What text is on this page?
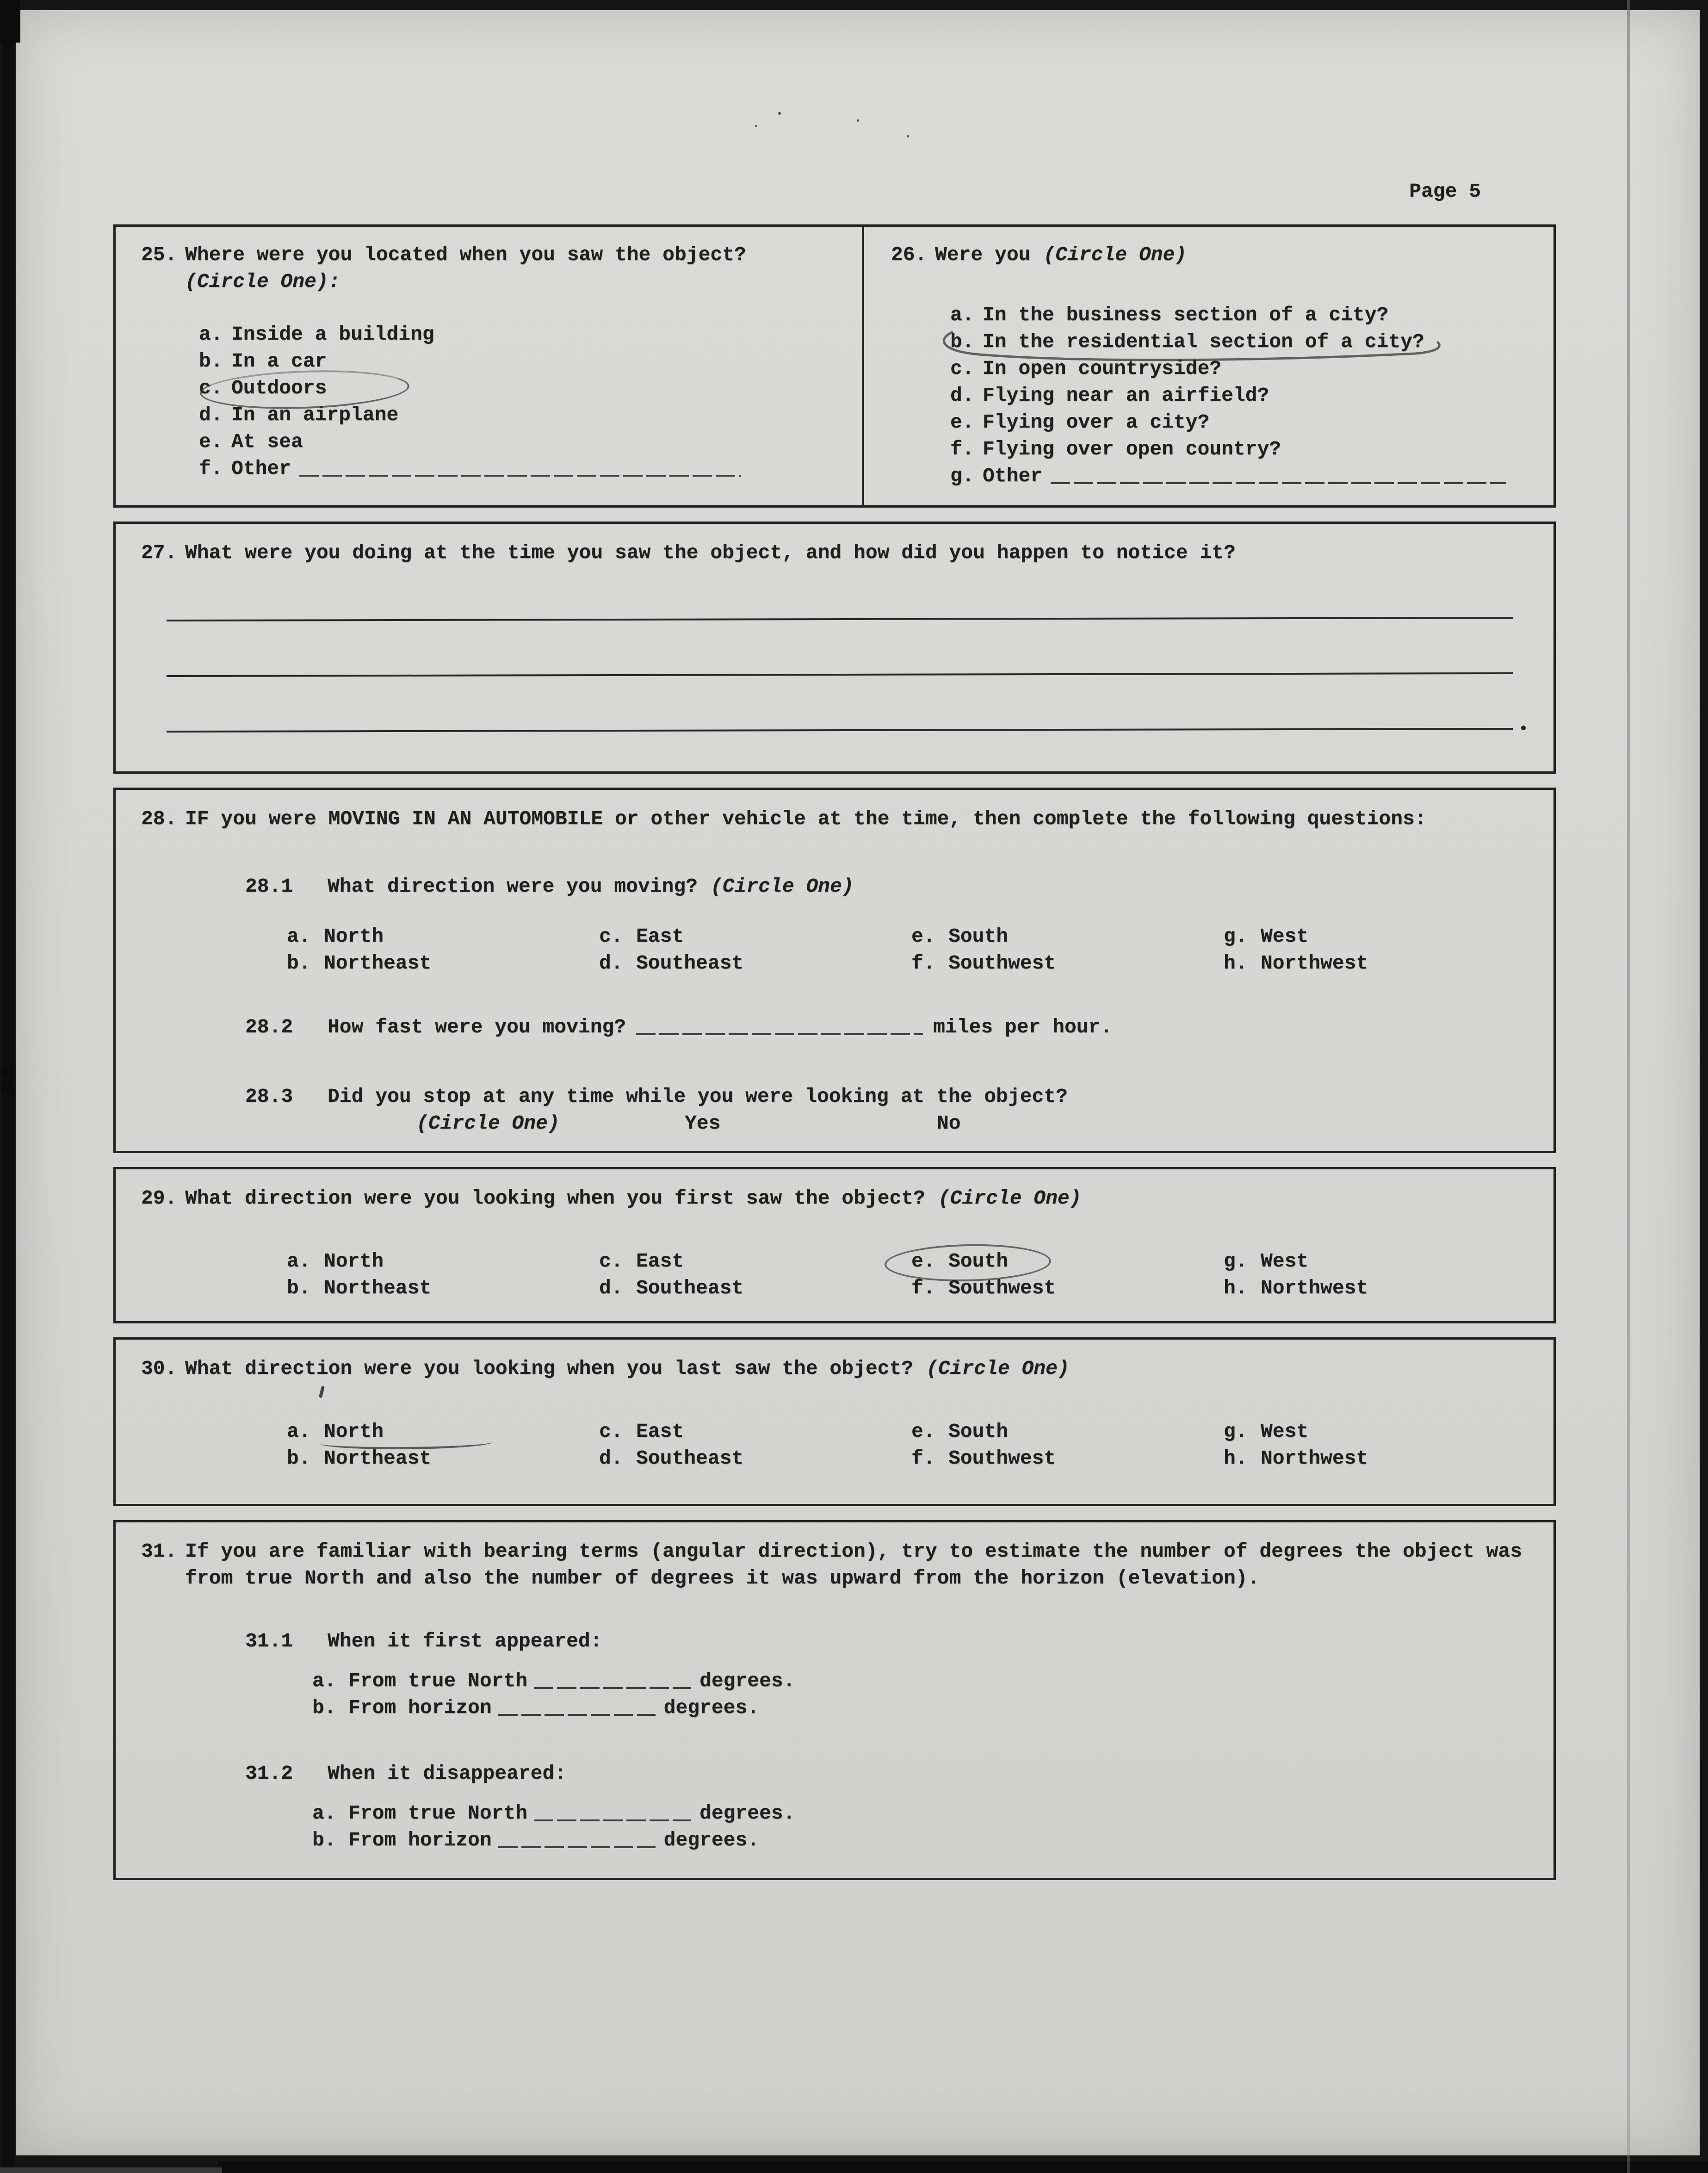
Page 5
25. Where were you located when you saw the object?
(Circle One):
a. Inside a building
b. In a car
c. Outdoors
d. In an airplane
e. At sea
f. Other
26. Were you (Circle One)
a. In the business section of a city?
b. In the residential section of a city?
c. In open countryside?
d. Flying near an airfield?
e. Flying over a city?
f. Flying over open country?
g. Other
27. What were you doing at the time you saw the object, and how did you happen to notice it?
28. IF you were MOVING IN AN AUTOMOBILE or other vehicle at the time, then complete the following questions:
28.1	What direction were you moving? (Circle One)
a. North	c. East	e. South	g. West
b. Northeast	d. Southeast	f. Southwest	h. Northwest
28.2	How fast were you moving?	miles per hour.
28.3	Did you stop at any time while you were looking at the object?
(Circle One)	Yes	No
29. What direction were you looking when you first saw the object? (Circle One)
a. North	c. East	e. South	g. West
b. Northeast	d. Southeast	f. Southwest	h. Northwest
30. What direction were you looking when you last saw the object? (Circle One)
a. North	c. East	e. South	g. West
b. Northeast	d. Southeast	f. Southwest	h. Northwest
31. If you are familiar with bearing terms (angular direction), try to estimate the number of degrees the object was
from true North and also the number of degrees it was upward from the horizon (elevation).
31.1	When it first appeared:
a. From true North	degrees.
b. From horizon	degrees.
31.2	When it disappeared:
a. From true North	degrees.
b. From horizon	degrees.
